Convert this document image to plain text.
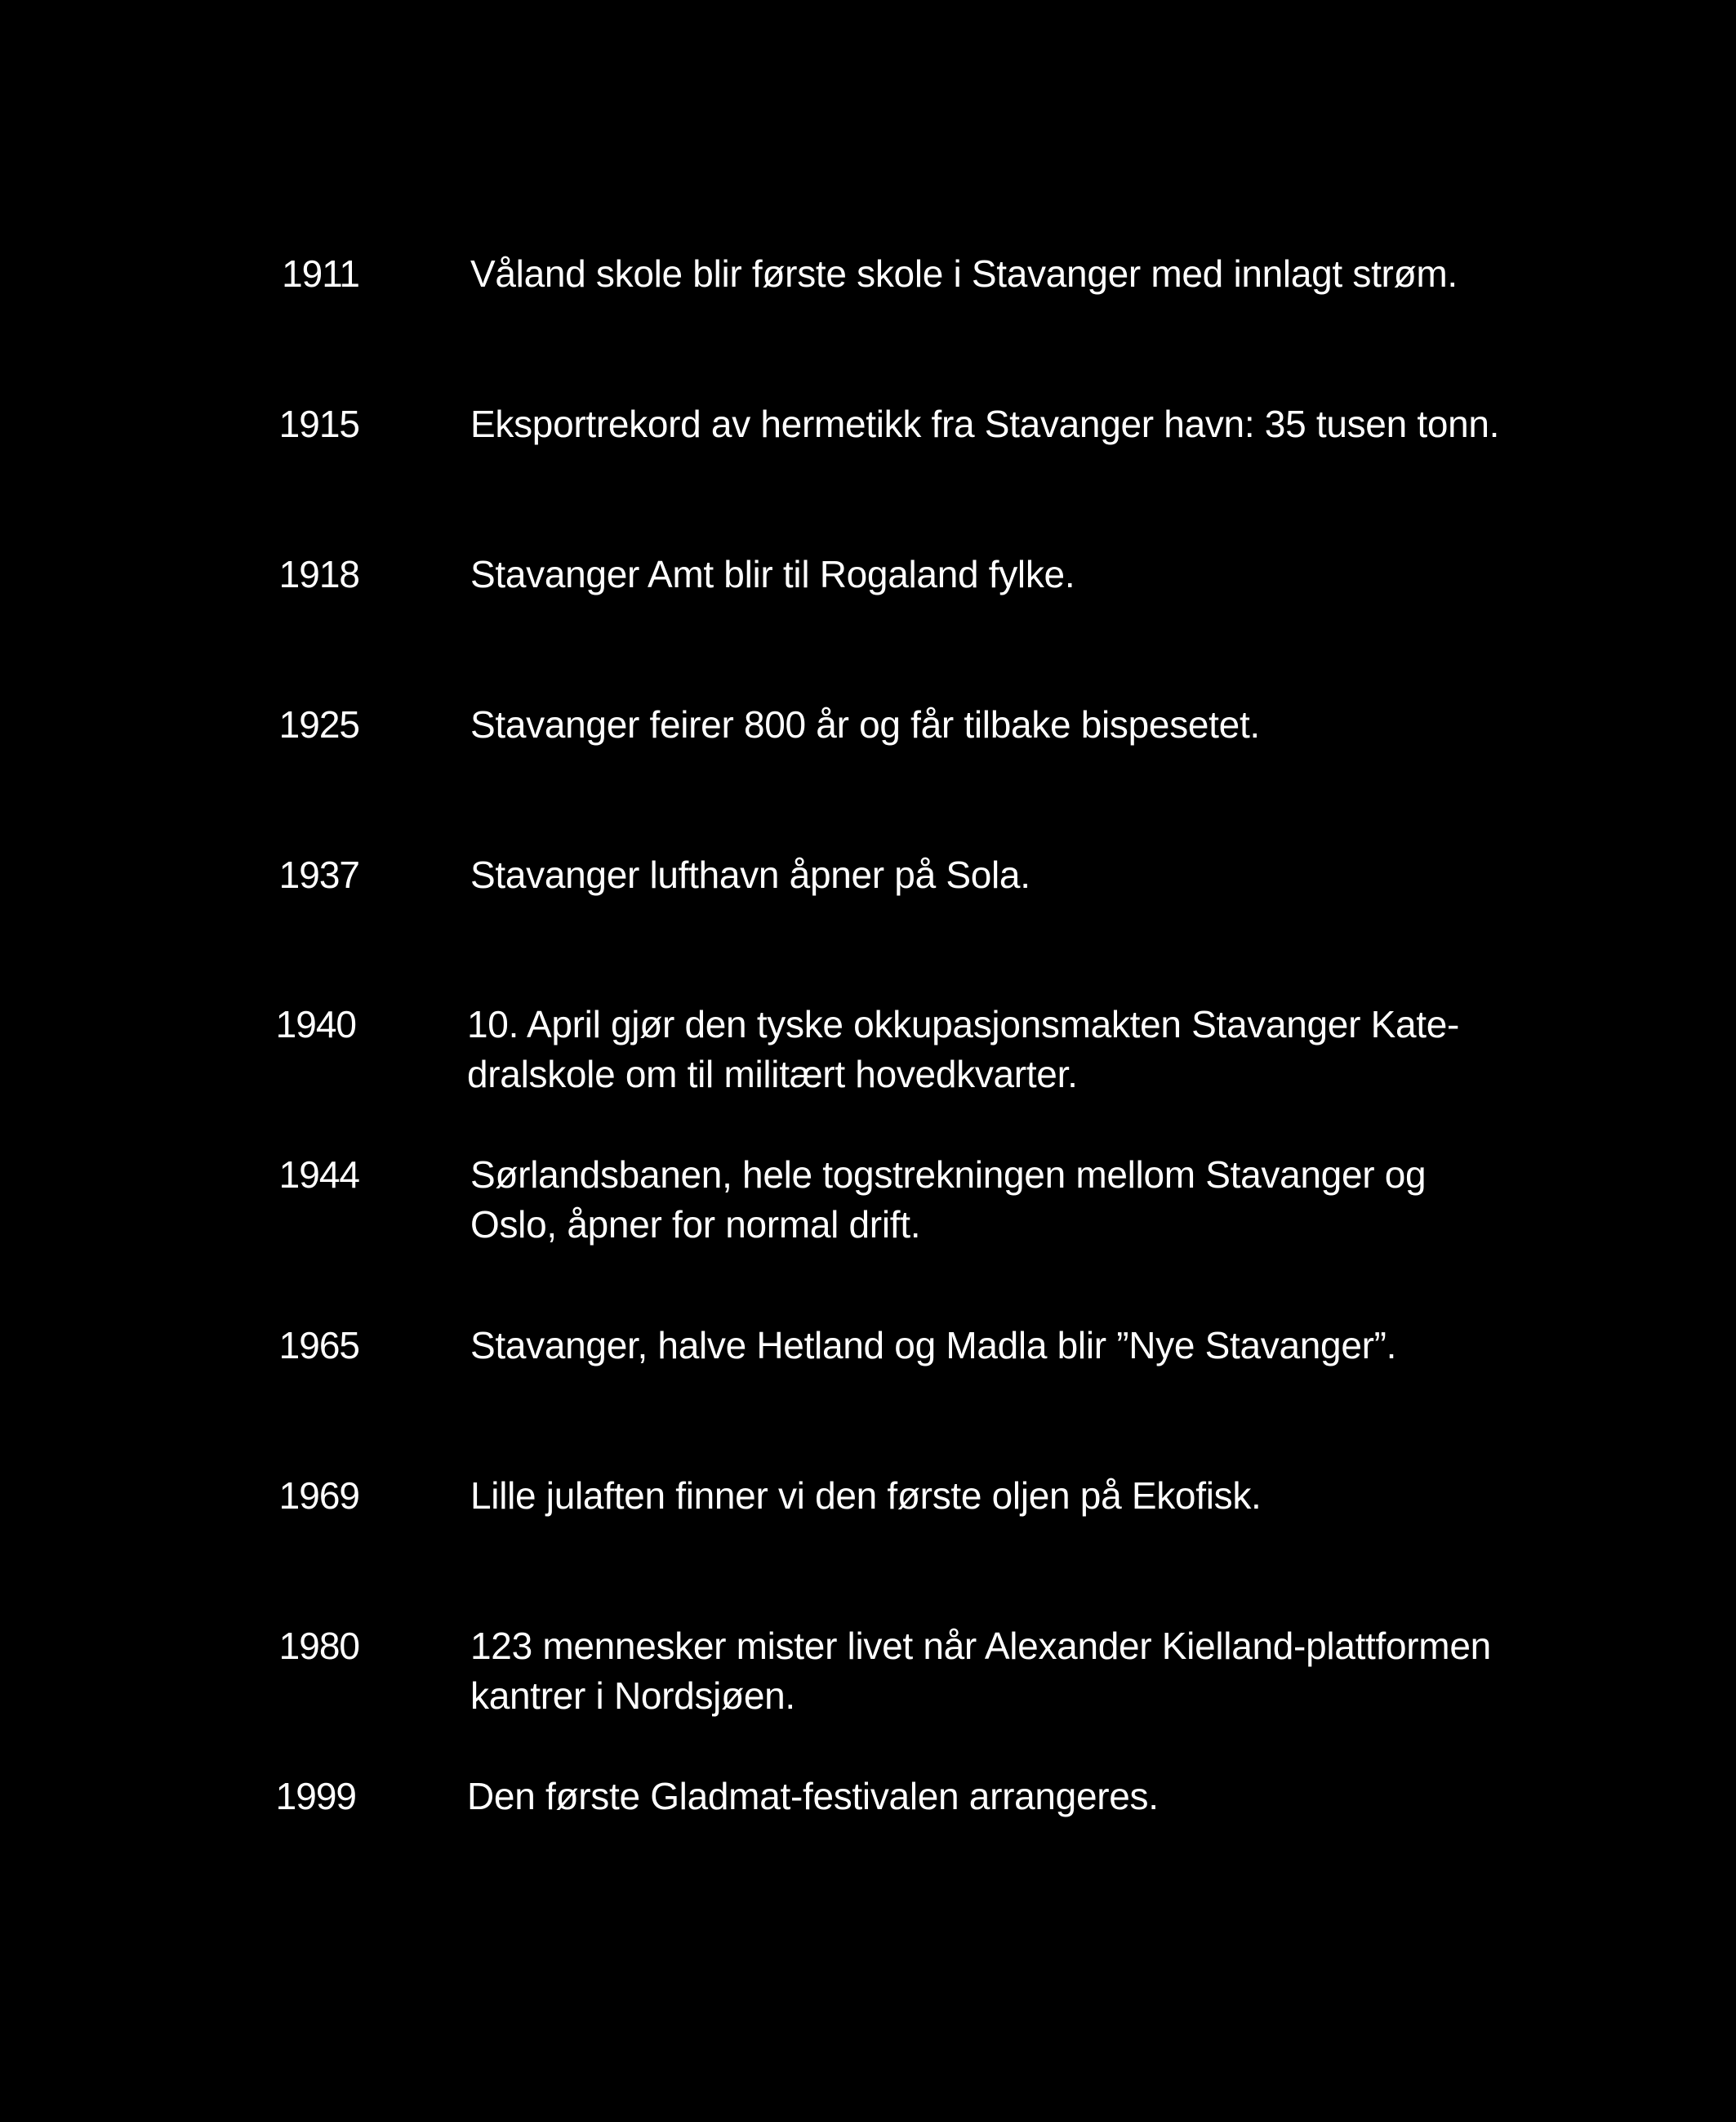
1911	Våland skole blir første skole i Stavanger med innlagt strøm.
1915	Eksportrekord av hermetikk fra Stavanger havn: 35 tusen tonn.
1918	Stavanger Amt blir til Rogaland fylke.
1925	Stavanger feirer 800 år og får tilbake bispesetet.
1937	Stavanger lufthavn åpner på Sola.
1940	10. April gjør den tyske okkupasjonsmakten Stavanger Kate-
dralskole om til militært hovedkvarter.
1944	Sørlandsbanen, hele togstrekningen mellom Stavanger og
Oslo, åpner for normal drift.
1965	Stavanger, halve Hetland og Madla blir ”Nye Stavanger”.
1969	Lille julaften finner vi den første oljen på Ekofisk.
1980	123 mennesker mister livet når Alexander Kielland-plattformen
kantrer i Nordsjøen.
1999	Den første Gladmat-festivalen arrangeres.
